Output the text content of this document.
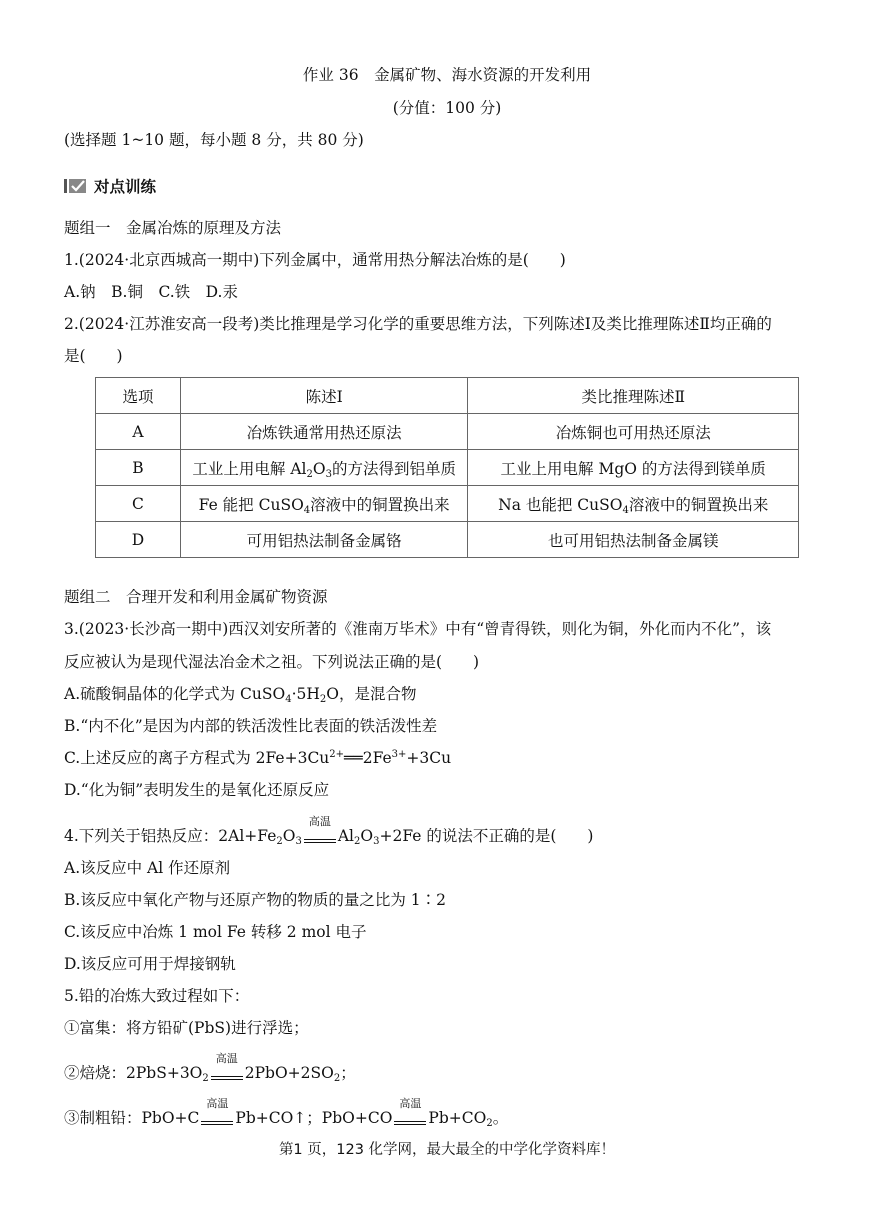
作业 36　金属矿物、海水资源的开发利用
(分值：100 分)
(选择题 1~10 题，每小题 8 分，共 80 分)
对点训练
题组一　金属冶炼的原理及方法
1.(2024·北京西城高一期中)下列金属中，通常用热分解法冶炼的是(　　)
A.钠　B.铜　C.铁　D.汞
2.(2024·江苏淮安高一段考)类比推理是学习化学的重要思维方法，下列陈述Ⅰ及类比推理陈述Ⅱ均正确的
是(　　)
选项	陈述Ⅰ	类比推理陈述Ⅱ
A	冶炼铁通常用热还原法	冶炼铜也可用热还原法
B	工业上用电解 $Al_2O_3$的方法得到铝单质	工业上用电解 MgO 的方法得到镁单质
C	Fe 能把 CuSO$_4$溶液中的铜置换出来	Na 也能把 CuSO$_4$溶液中的铜置换出来
D	可用铝热法制备金属铬	也可用铝热法制备金属镁
题组二　合理开发和利用金属矿物资源
3.(2023·长沙高一期中)西汉刘安所著的《淮南万毕术》中有“曾青得铁，则化为铜，外化而内不化”，该
反应被认为是现代湿法冶金术之祖。下列说法正确的是(　　)
A.硫酸铜晶体的化学式为 $CuSO_4\cdot 5H_2O$，是混合物
B.“内不化”是因为内部的铁活泼性比表面的铁活泼性差
C.上述反应的离子方程式为 $2Fe+3Cu^{2+}══2Fe^{3+}+3Cu$
D.“化为铜”表明发生的是氧化还原反应
4.下列关于铝热反应：$2Al+Fe_2O_3$
高温
$Al_2O_3+2Fe$ 的说法不正确的是(　　)
A.该反应中 Al 作还原剂
B.该反应中氧化产物与还原产物的物质的量之比为 1∶2
C.该反应中冶炼 1 mol Fe 转移 2 mol 电子
D.该反应可用于焊接钢轨
5.铅的冶炼大致过程如下：
①富集：将方铅矿(PbS)进行浮选；
②焙烧：$2PbS+3O_2$
高温
$2PbO+2SO_2$；
③制粗铅：PbO+C
高温
Pb+CO↑；PbO+CO
高温
$Pb+CO_2$。
第1 页，123 化学网，最大最全的中学化学资料库！
